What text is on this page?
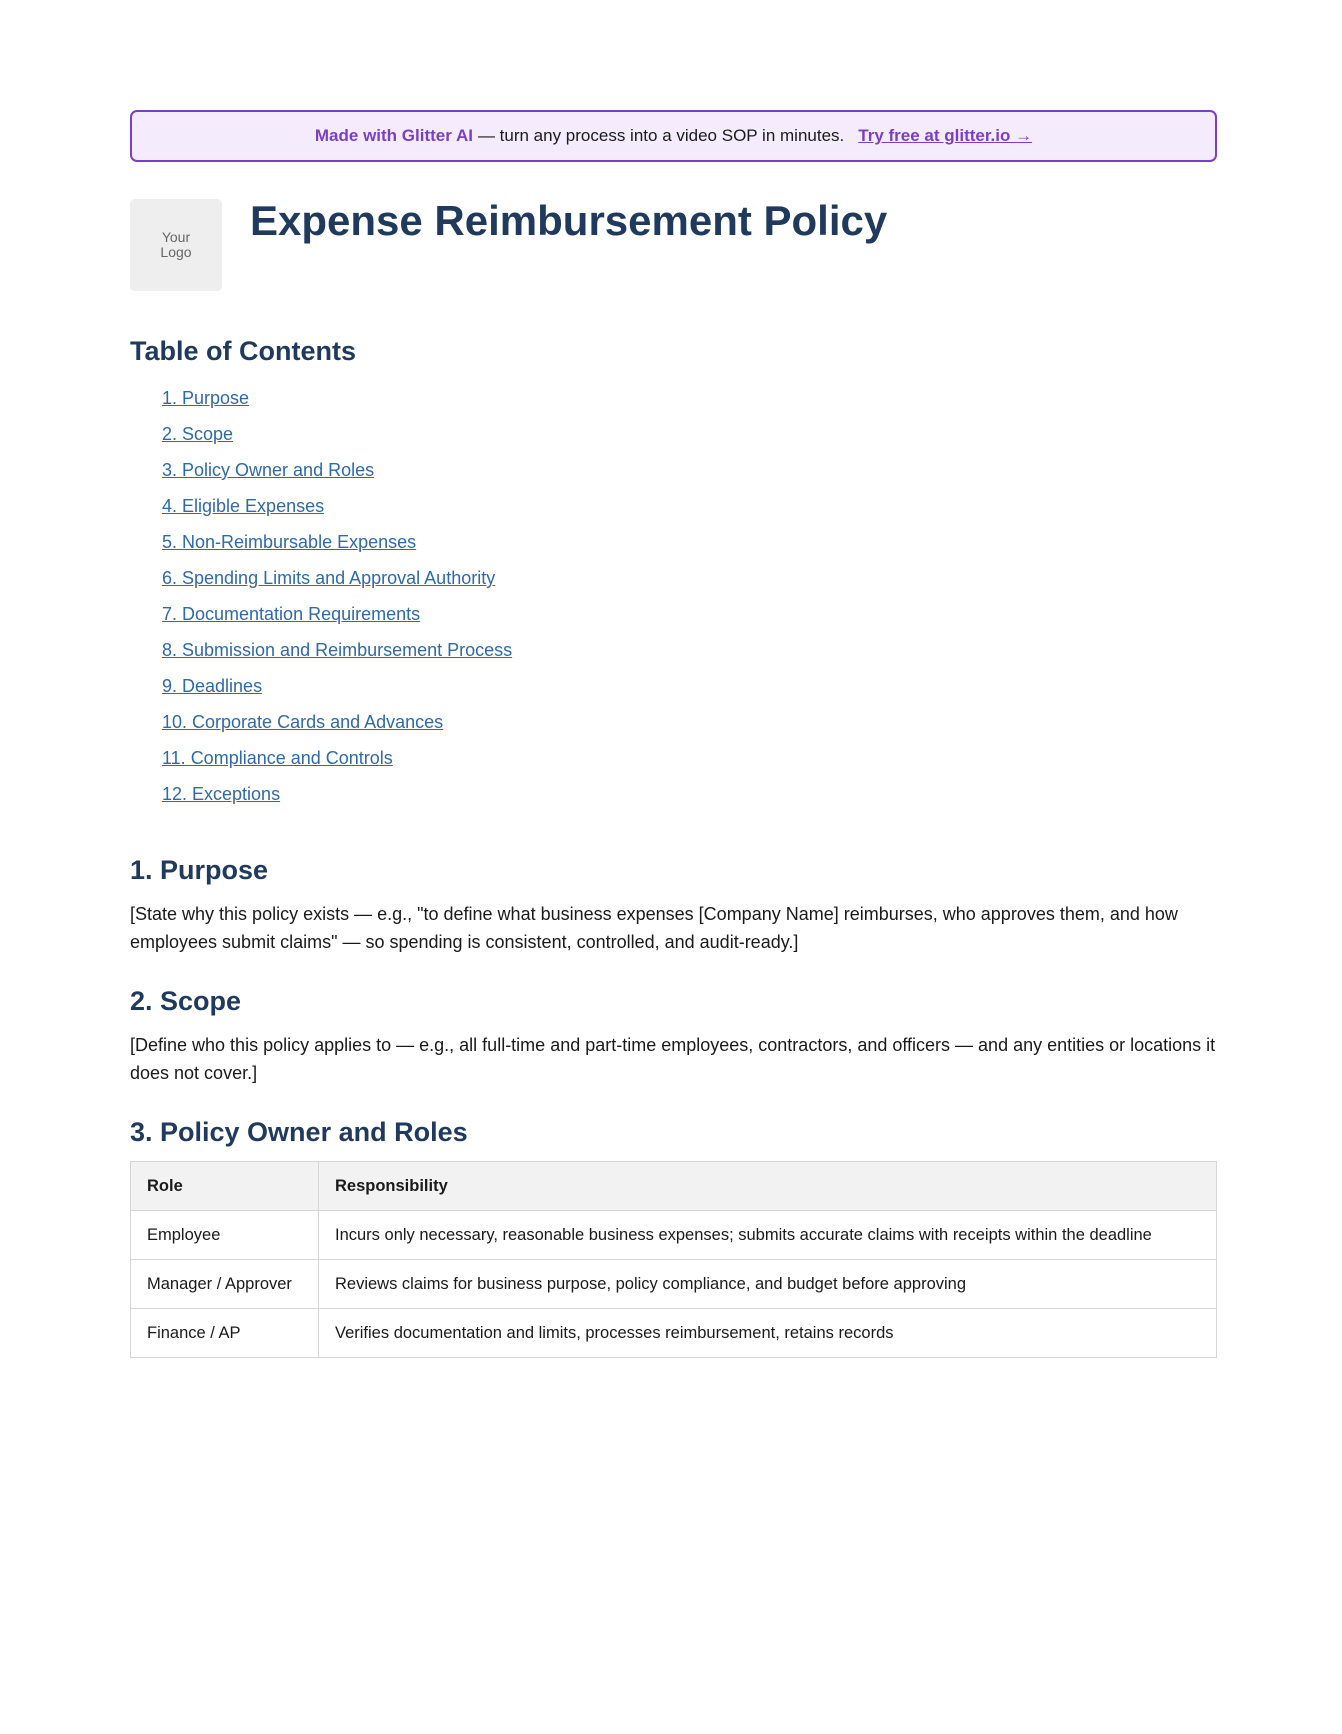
Made with Glitter AI — turn any process into a video SOP in minutes. Try free at glitter.io →
Your Logo
Expense Reimbursement Policy
Table of Contents
1. Purpose
2. Scope
3. Policy Owner and Roles
4. Eligible Expenses
5. Non-Reimbursable Expenses
6. Spending Limits and Approval Authority
7. Documentation Requirements
8. Submission and Reimbursement Process
9. Deadlines
10. Corporate Cards and Advances
11. Compliance and Controls
12. Exceptions
1. Purpose

[State why this policy exists — e.g., "to define what business expenses [Company Name] reimburses, who approves them, and how employees submit claims" — so spending is consistent, controlled, and audit-ready.]

2. Scope

[Define who this policy applies to — e.g., all full-time and part-time employees, contractors, and officers — and any entities or locations it does not cover.]

3. Policy Owner and Roles
Role	Responsibility
Employee	Incurs only necessary, reasonable business expenses; submits accurate claims with receipts within the deadline
Manager / Approver	Reviews claims for business purpose, policy compliance, and budget before approving
Finance / AP	Verifies documentation and limits, processes reimbursement, retains records
